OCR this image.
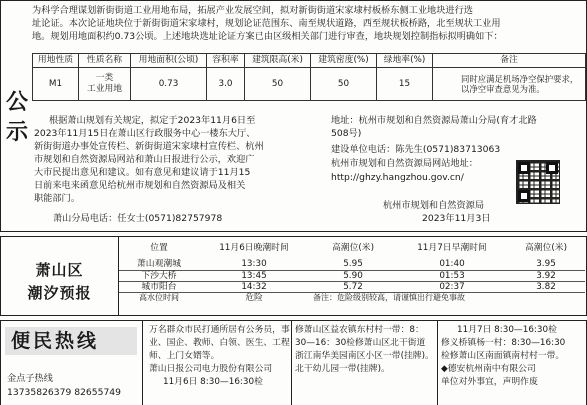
公
示
为科学合理谋划新街街道工业用地布局，拓展产业发展空间，拟对新街街道宋家埭村板桥东侧工业地块进行选
址论证。本次论证地块位于新街街道宋家埭村，规划论证范围东、南至规状道路，西至规状板桥路，北至规状工业用
地。规划用地面积约0.73公顷。上述地块选址论证方案已由区级相关部门进行审查，地块规划控制指标拟明确如下：
用地性质	性质名称	用地面积(公顷)	容积率	建筑限高(米)	建筑密度(%)	绿地率(%)	备注
M1	一类
工业用地	0.73	3.0	50	50	15	同时应满足机场净空保护要求，以净空审查意见为准。
根据萧山规划有关规定，拟定于2023年11月6日至
2023年11月15日在萧山区行政服务中心一楼东大厅、
新街街道办事处宣传栏、新街街道宋家埭村宣传栏、杭州
市规划和自然资源局网站和萧山日报进行公示，欢迎广
大市民提出意见和建议。如有意见和建议请于11月15
日前来电来函意见给杭州市规划和自然资源局及相关
职能部门。
萧山分局电话：任女士(0571)82757978
地址：杭州市规划和自然资源局萧山分局(育才北路
508号)
建设单位电话：陈先生(0571)83713063
杭州市规划和自然资源局网站地址：
http://ghzy.hangzhou.gov.cn/
杭州市规划和自然资源局
2023年11月3日
萧山区
潮汐预报
位置	11月6日晚潮时间	高潮位(米)	11月7日早潮时间	高潮位(米)
萧山观潮城	13:30	5.95	01:40	3.95
下沙大桥	13:45	5.90	01:53	3.92
城市阳台	14:32	5.72	02:37	3.82
高水位时间	危险	备注：危险级别较高，请谨慎出行避免事故		
便民热线
金点子热线
13735826379 82655749

万名群众市民打通所居有公务员，事

业、国企、教师、白领、医生、工程

师、上门女婿等。

萧山日报公司电力股份有限公司

11月6日 8:30—16:30检

修萧山区益农镇东村村一带：8：

30—16：30检修萧山区北干街道

浙江南华美园南区小区一带(挂牌)。

北干幼儿园一带(挂牌)。

11月7日 8:30—16:30检

修义桥镇杨一村：8:30—16:30

检修萧山区南面镇南村村一带。

◆德安杭州南中有限公司

单位对外事宜，声明作废
